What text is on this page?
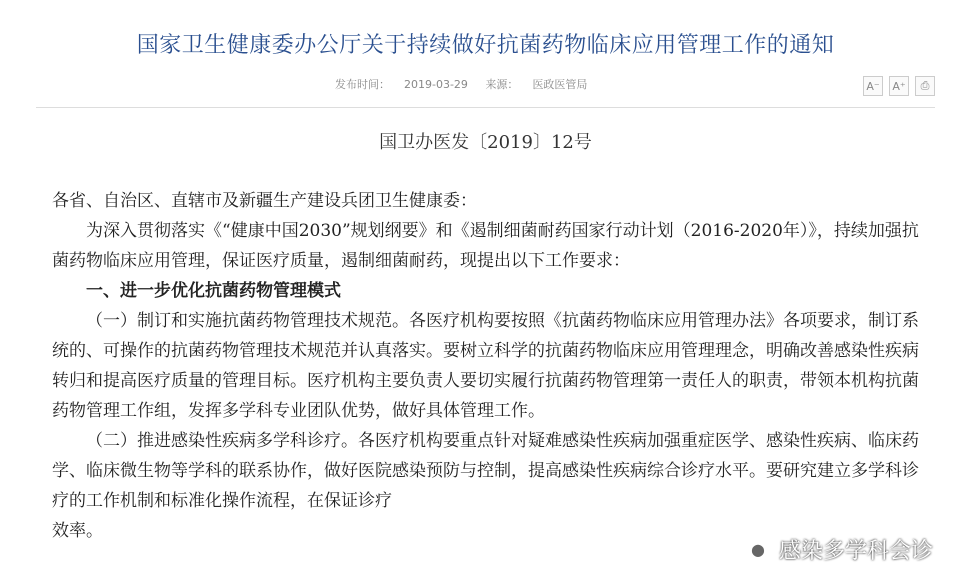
国家卫生健康委办公厅关于持续做好抗菌药物临床应用管理工作的通知
发布时间： 2019-03-29 来源： 医政医管局	A⁻	A⁺	⎙
国卫办医发〔2019〕12号

各省、自治区、直辖市及新疆生产建设兵团卫生健康委：

为深入贯彻落实《“健康中国2030”规划纲要》和《遏制细菌耐药国家行动计划（2016-2020年）》，持续加强抗菌药物临床应用管理，保证医疗质量，遏制细菌耐药，现提出以下工作要求：

一、进一步优化抗菌药物管理模式

（一）制订和实施抗菌药物管理技术规范。各医疗机构要按照《抗菌药物临床应用管理办法》各项要求，制订系统的、可操作的抗菌药物管理技术规范并认真落实。要树立科学的抗菌药物临床应用管理理念，明确改善感染性疾病转归和提高医疗质量的管理目标。医疗机构主要负责人要切实履行抗菌药物管理第一责任人的职责，带领本机构抗菌药物管理工作组，发挥多学科专业团队优势，做好具体管理工作。

（二）推进感染性疾病多学科诊疗。各医疗机构要重点针对疑难感染性疾病加强重症医学、感染性疾病、临床药学、临床微生物等学科的联系协作，做好医院感染预防与控制，提高感染性疾病综合诊疗水平。要研究建立多学科诊疗的工作机制和标准化操作流程，在保证诊疗

效率。

● 感染多学科会诊
